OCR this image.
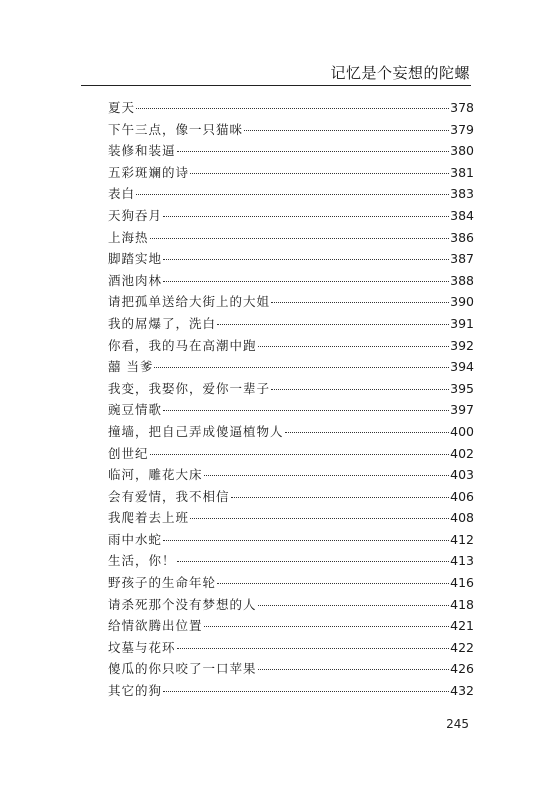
记忆是个妄想的陀螺
夏天	378
下午三点，像一只猫咪	379
装修和装逼	380
五彩斑斓的诗	381
表白	383
天狗吞月	384
上海热	386
脚踏实地	387
酒池肉林	388
请把孤单送给大街上的大姐	390
我的屌爆了，洗白	391
你看，我的马在高潮中跑	392
囍 当爹	394
我变，我娶你，爱你一辈子	395
豌豆情歌	397
撞墙，把自己弄成傻逼植物人	400
创世纪	402
临河，雕花大床	403
会有爱情，我不相信	406
我爬着去上班	408
雨中水蛇	412
生活，你！	413
野孩子的生命年轮	416
请杀死那个没有梦想的人	418
给情欲腾出位置	421
坟墓与花环	422
傻瓜的你只咬了一口苹果	426
其它的狗	432
245
